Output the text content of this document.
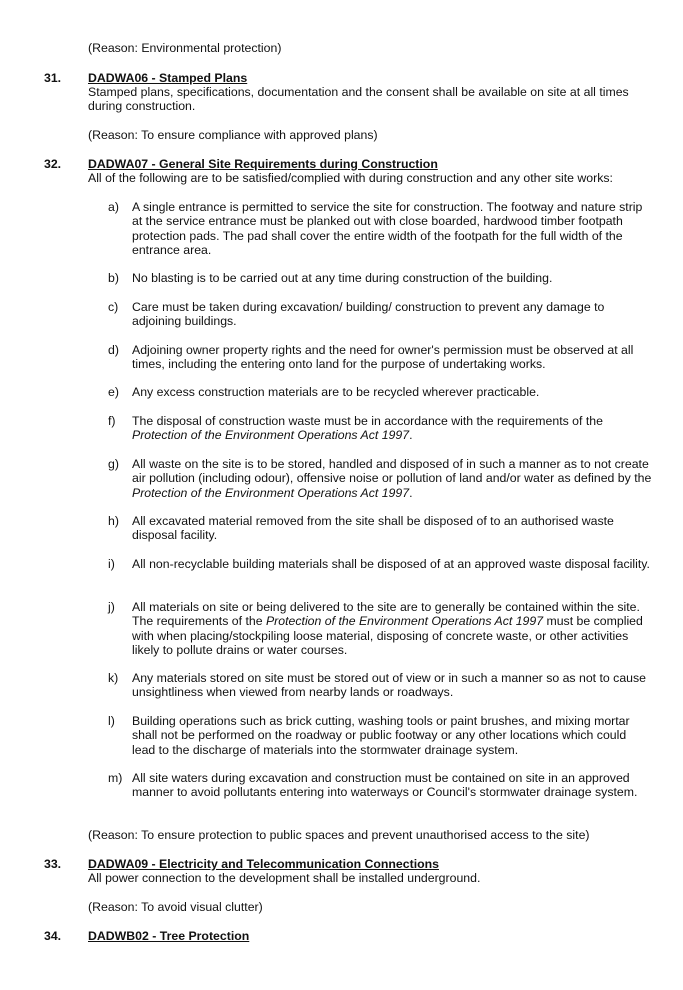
(Reason: Environmental protection)
31. DADWA06 - Stamped Plans
Stamped plans, specifications, documentation and the consent shall be available on site at all times during construction.
(Reason: To ensure compliance with approved plans)
32. DADWA07 - General Site Requirements during Construction
All of the following are to be satisfied/complied with during construction and any other site works:
a) A single entrance is permitted to service the site for construction. The footway and nature strip at the service entrance must be planked out with close boarded, hardwood timber footpath protection pads. The pad shall cover the entire width of the footpath for the full width of the entrance area.
b) No blasting is to be carried out at any time during construction of the building.
c) Care must be taken during excavation/ building/ construction to prevent any damage to adjoining buildings.
d) Adjoining owner property rights and the need for owner's permission must be observed at all times, including the entering onto land for the purpose of undertaking works.
e) Any excess construction materials are to be recycled wherever practicable.
f) The disposal of construction waste must be in accordance with the requirements of the Protection of the Environment Operations Act 1997.
g) All waste on the site is to be stored, handled and disposed of in such a manner as to not create air pollution (including odour), offensive noise or pollution of land and/or water as defined by the Protection of the Environment Operations Act 1997.
h) All excavated material removed from the site shall be disposed of to an authorised waste disposal facility.
i) All non-recyclable building materials shall be disposed of at an approved waste disposal facility.
j) All materials on site or being delivered to the site are to generally be contained within the site. The requirements of the Protection of the Environment Operations Act 1997 must be complied with when placing/stockpiling loose material, disposing of concrete waste, or other activities likely to pollute drains or water courses.
k) Any materials stored on site must be stored out of view or in such a manner so as not to cause unsightliness when viewed from nearby lands or roadways.
l) Building operations such as brick cutting, washing tools or paint brushes, and mixing mortar shall not be performed on the roadway or public footway or any other locations which could lead to the discharge of materials into the stormwater drainage system.
m) All site waters during excavation and construction must be contained on site in an approved manner to avoid pollutants entering into waterways or Council's stormwater drainage system.
(Reason: To ensure protection to public spaces and prevent unauthorised access to the site)
33. DADWA09 - Electricity and Telecommunication Connections
All power connection to the development shall be installed underground.
(Reason: To avoid visual clutter)
34. DADWB02 - Tree Protection
